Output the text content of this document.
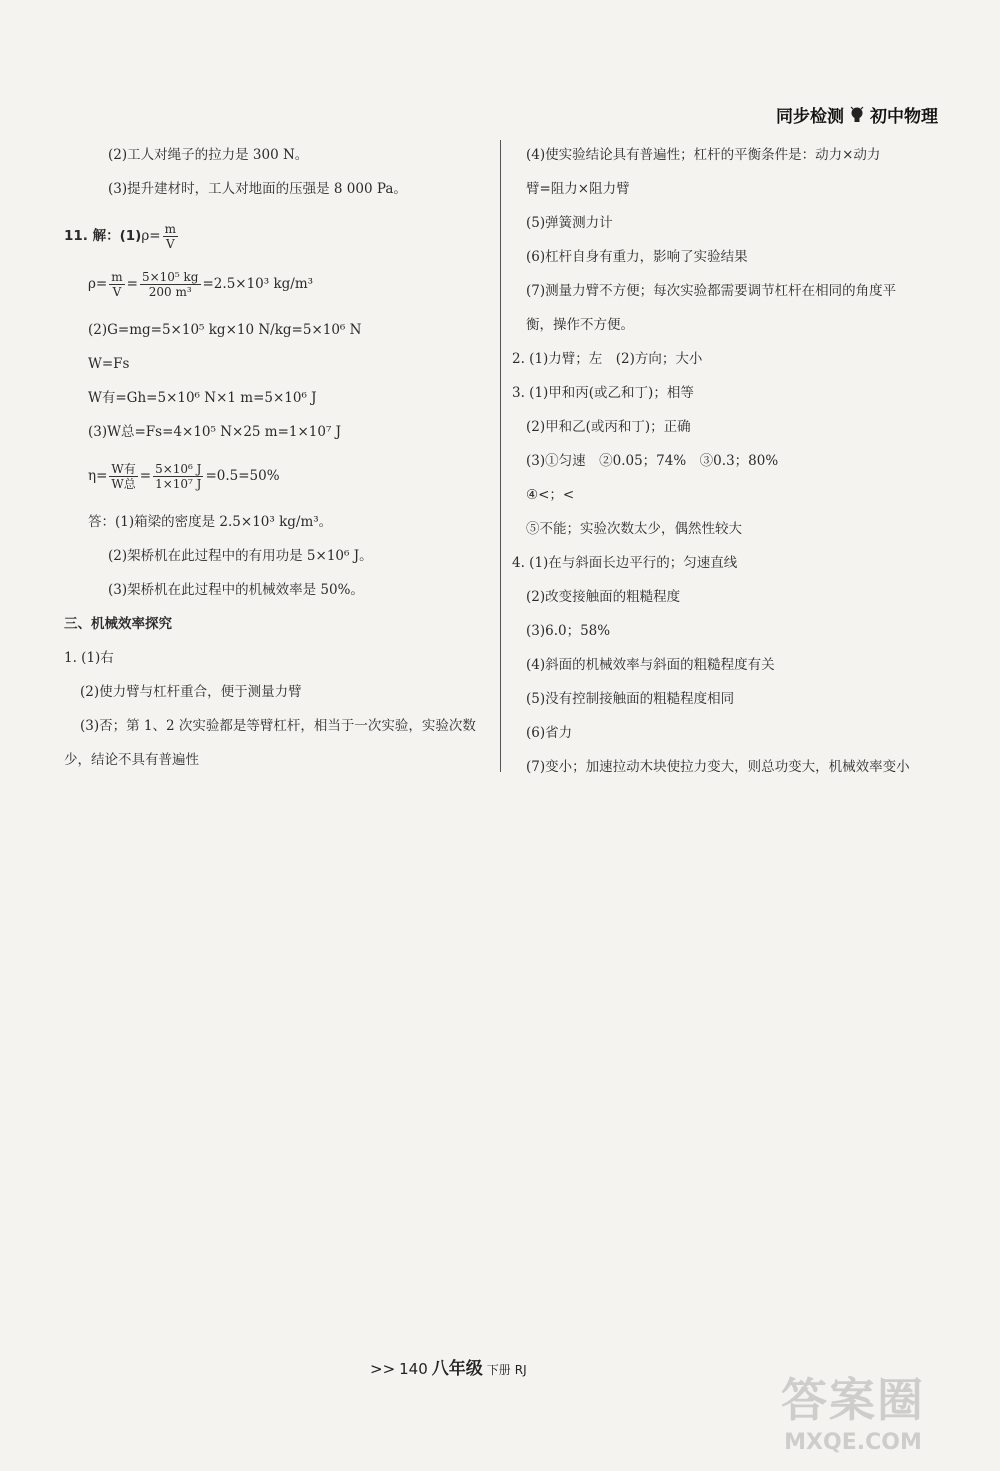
同步检测 初中物理
(2)工人对绳子的拉力是 300 N。
(3)提升建材时，工人对地面的压强是 8 000 Pa。
11. 解：$(1)\rho= \frac{m}{V}$
$\rho= \frac{m}{V} = \frac{\text{5×10⁵ kg}}{\text{200 m³}} =2.5\times 10^3$ kg/m³
(2)G=mg=5×10⁵ kg×10 N/kg=5×10⁶ N
W=Fs
W有=Gh=5×10⁶ N×1 m=5×10⁶ J
(3)W总=Fs=4×10⁵ N×25 m=1×10⁷ J
$\eta= \frac{\text{W有}}{\text{W总}} = \frac{\text{5×10⁶ J}}{\text{1×10⁷ J}} =0.5=50\%$
答：(1)箱梁的密度是 2.5×10³ kg/m³。
(2)架桥机在此过程中的有用功是 5×10⁶ J。
(3)架桥机在此过程中的机械效率是 50%。
三、机械效率探究
1. (1)右
(2)使力臂与杠杆重合，便于测量力臂
(3)否；第 1、2 次实验都是等臂杠杆，相当于一次实验，实验次数
少，结论不具有普遍性
(4)使实验结论具有普遍性；杠杆的平衡条件是：动力×动力
臂=阻力×阻力臂
(5)弹簧测力计
(6)杠杆自身有重力，影响了实验结果
(7)测量力臂不方便；每次实验都需要调节杠杆在相同的角度平
衡，操作不方便。
2. (1)力臂；左　(2)方向；大小
3. (1)甲和丙(或乙和丁)；相等
(2)甲和乙(或丙和丁)；正确
(3)①匀速　②0.05；74%　③0.3；80%
④<；<
⑤不能；实验次数太少，偶然性较大
4. (1)在与斜面长边平行的；匀速直线
(2)改变接触面的粗糙程度
(3)6.0；58%
(4)斜面的机械效率与斜面的粗糙程度有关
(5)没有控制接触面的粗糙程度相同
(6)省力
(7)变小；加速拉动木块使拉力变大，则总功变大，机械效率变小
>> 140 八年级 下册 RJ
答案圈
MXQE.COM
